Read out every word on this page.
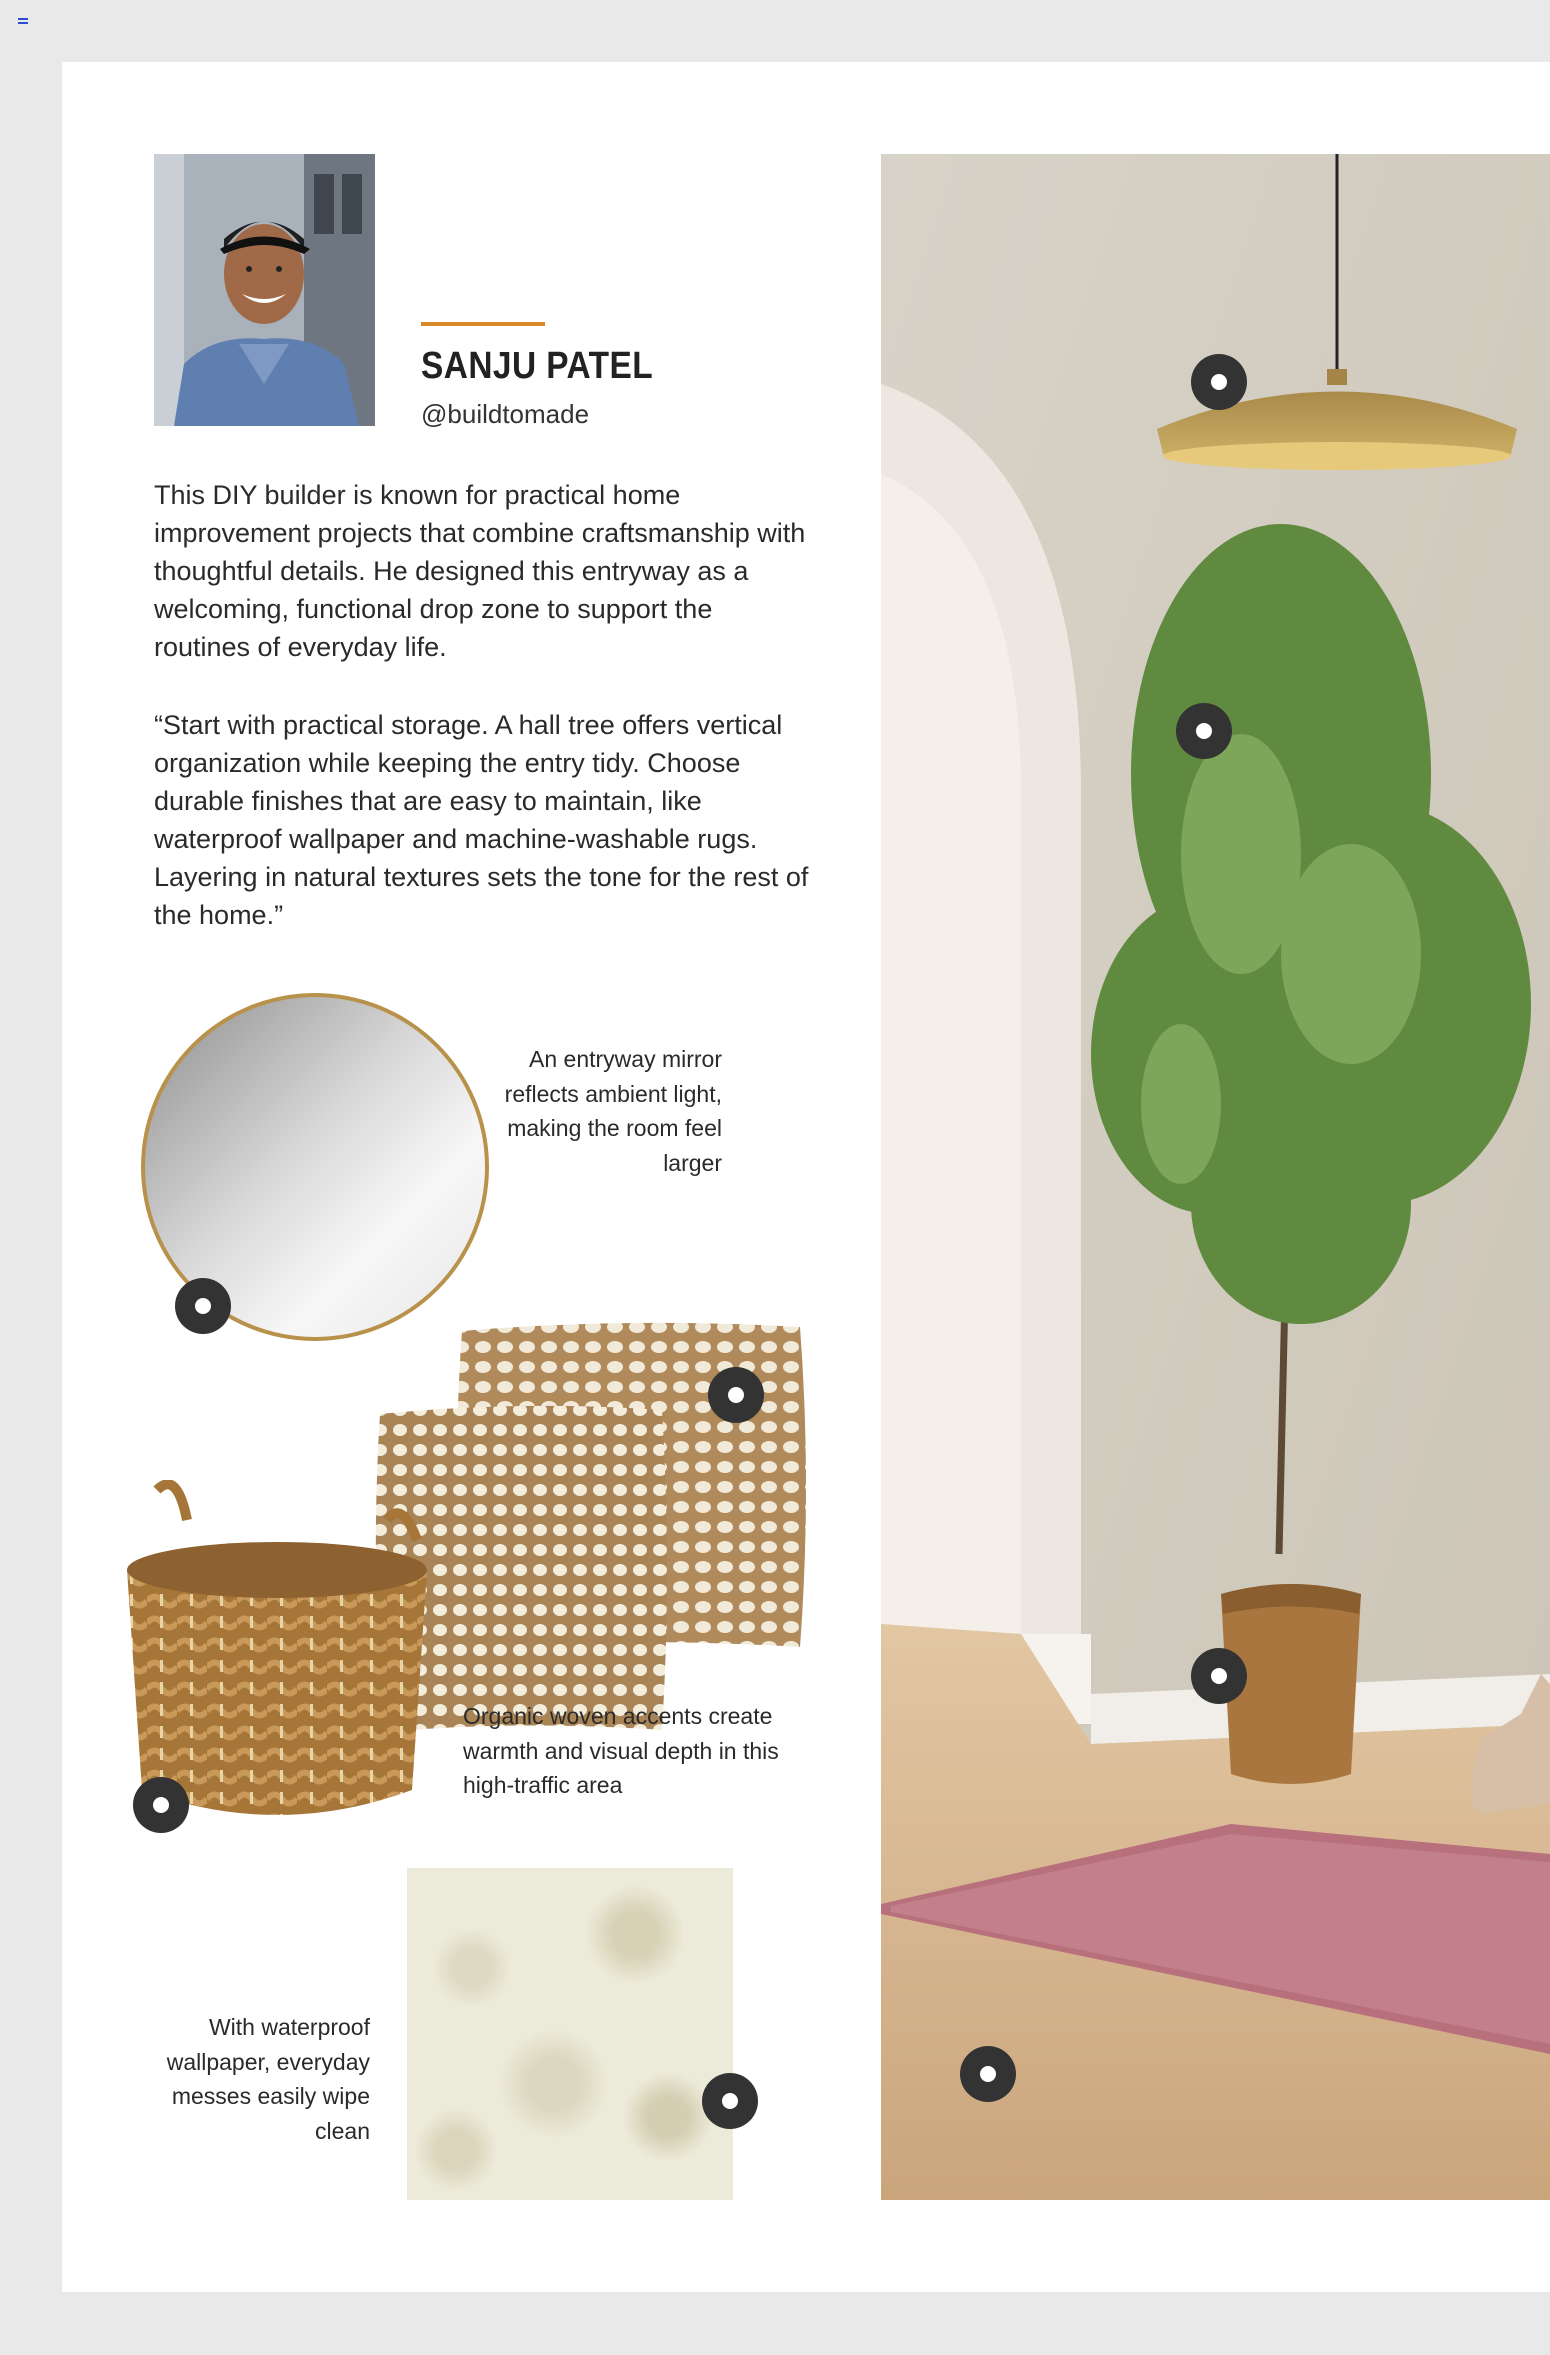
SANJU PATEL
@buildtomade

This DIY builder is known for practical home improvement projects that combine craftsmanship with thoughtful details. He designed this entryway as a welcoming, functional drop zone to support the routines of everyday life.

“Start with practical storage. A hall tree offers vertical organization while keeping the entry tidy. Choose durable finishes that are easy to maintain, like waterproof wallpaper and machine-washable rugs. Layering in natural textures sets the tone for the rest of the home.”

An entryway mirror reflects ambient light, making the room feel larger
Organic woven accents create warmth and visual depth in this high-traffic area
With waterproof wallpaper, everyday messes easily wipe clean
